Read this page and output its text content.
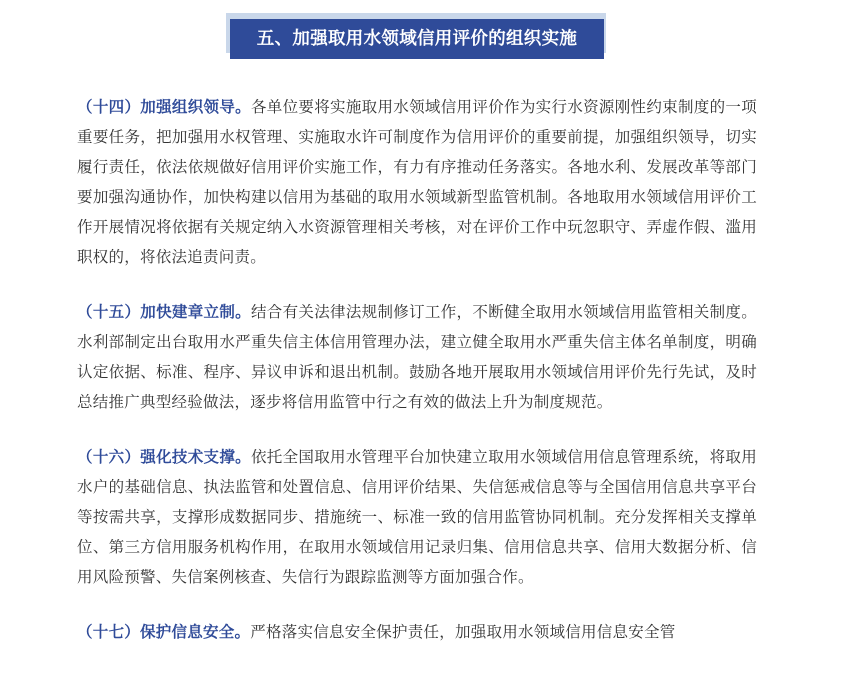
五、加强取用水领域信用评价的组织实施

（十四）加强组织领导。各单位要将实施取用水领域信用评价作为实行水资源刚性约束制度的一项重要任务，把加强用水权管理、实施取水许可制度作为信用评价的重要前提，加强组织领导，切实履行责任，依法依规做好信用评价实施工作，有力有序推动任务落实。各地水利、发展改革等部门要加强沟通协作，加快构建以信用为基础的取用水领域新型监管机制。各地取用水领域信用评价工作开展情况将依据有关规定纳入水资源管理相关考核，对在评价工作中玩忽职守、弄虚作假、滥用职权的，将依法追责问责。

（十五）加快建章立制。结合有关法律法规制修订工作，不断健全取用水领域信用监管相关制度。水利部制定出台取用水严重失信主体信用管理办法，建立健全取用水严重失信主体名单制度，明确认定依据、标准、程序、异议申诉和退出机制。鼓励各地开展取用水领域信用评价先行先试，及时总结推广典型经验做法，逐步将信用监管中行之有效的做法上升为制度规范。

（十六）强化技术支撑。依托全国取用水管理平台加快建立取用水领域信用信息管理系统，将取用水户的基础信息、执法监管和处置信息、信用评价结果、失信惩戒信息等与全国信用信息共享平台等按需共享，支撑形成数据同步、措施统一、标准一致的信用监管协同机制。充分发挥相关支撑单位、第三方信用服务机构作用，在取用水领域信用记录归集、信用信息共享、信用大数据分析、信用风险预警、失信案例核查、失信行为跟踪监测等方面加强合作。

（十七）保护信息安全。严格落实信息安全保护责任，加强取用水领域信用信息安全管
